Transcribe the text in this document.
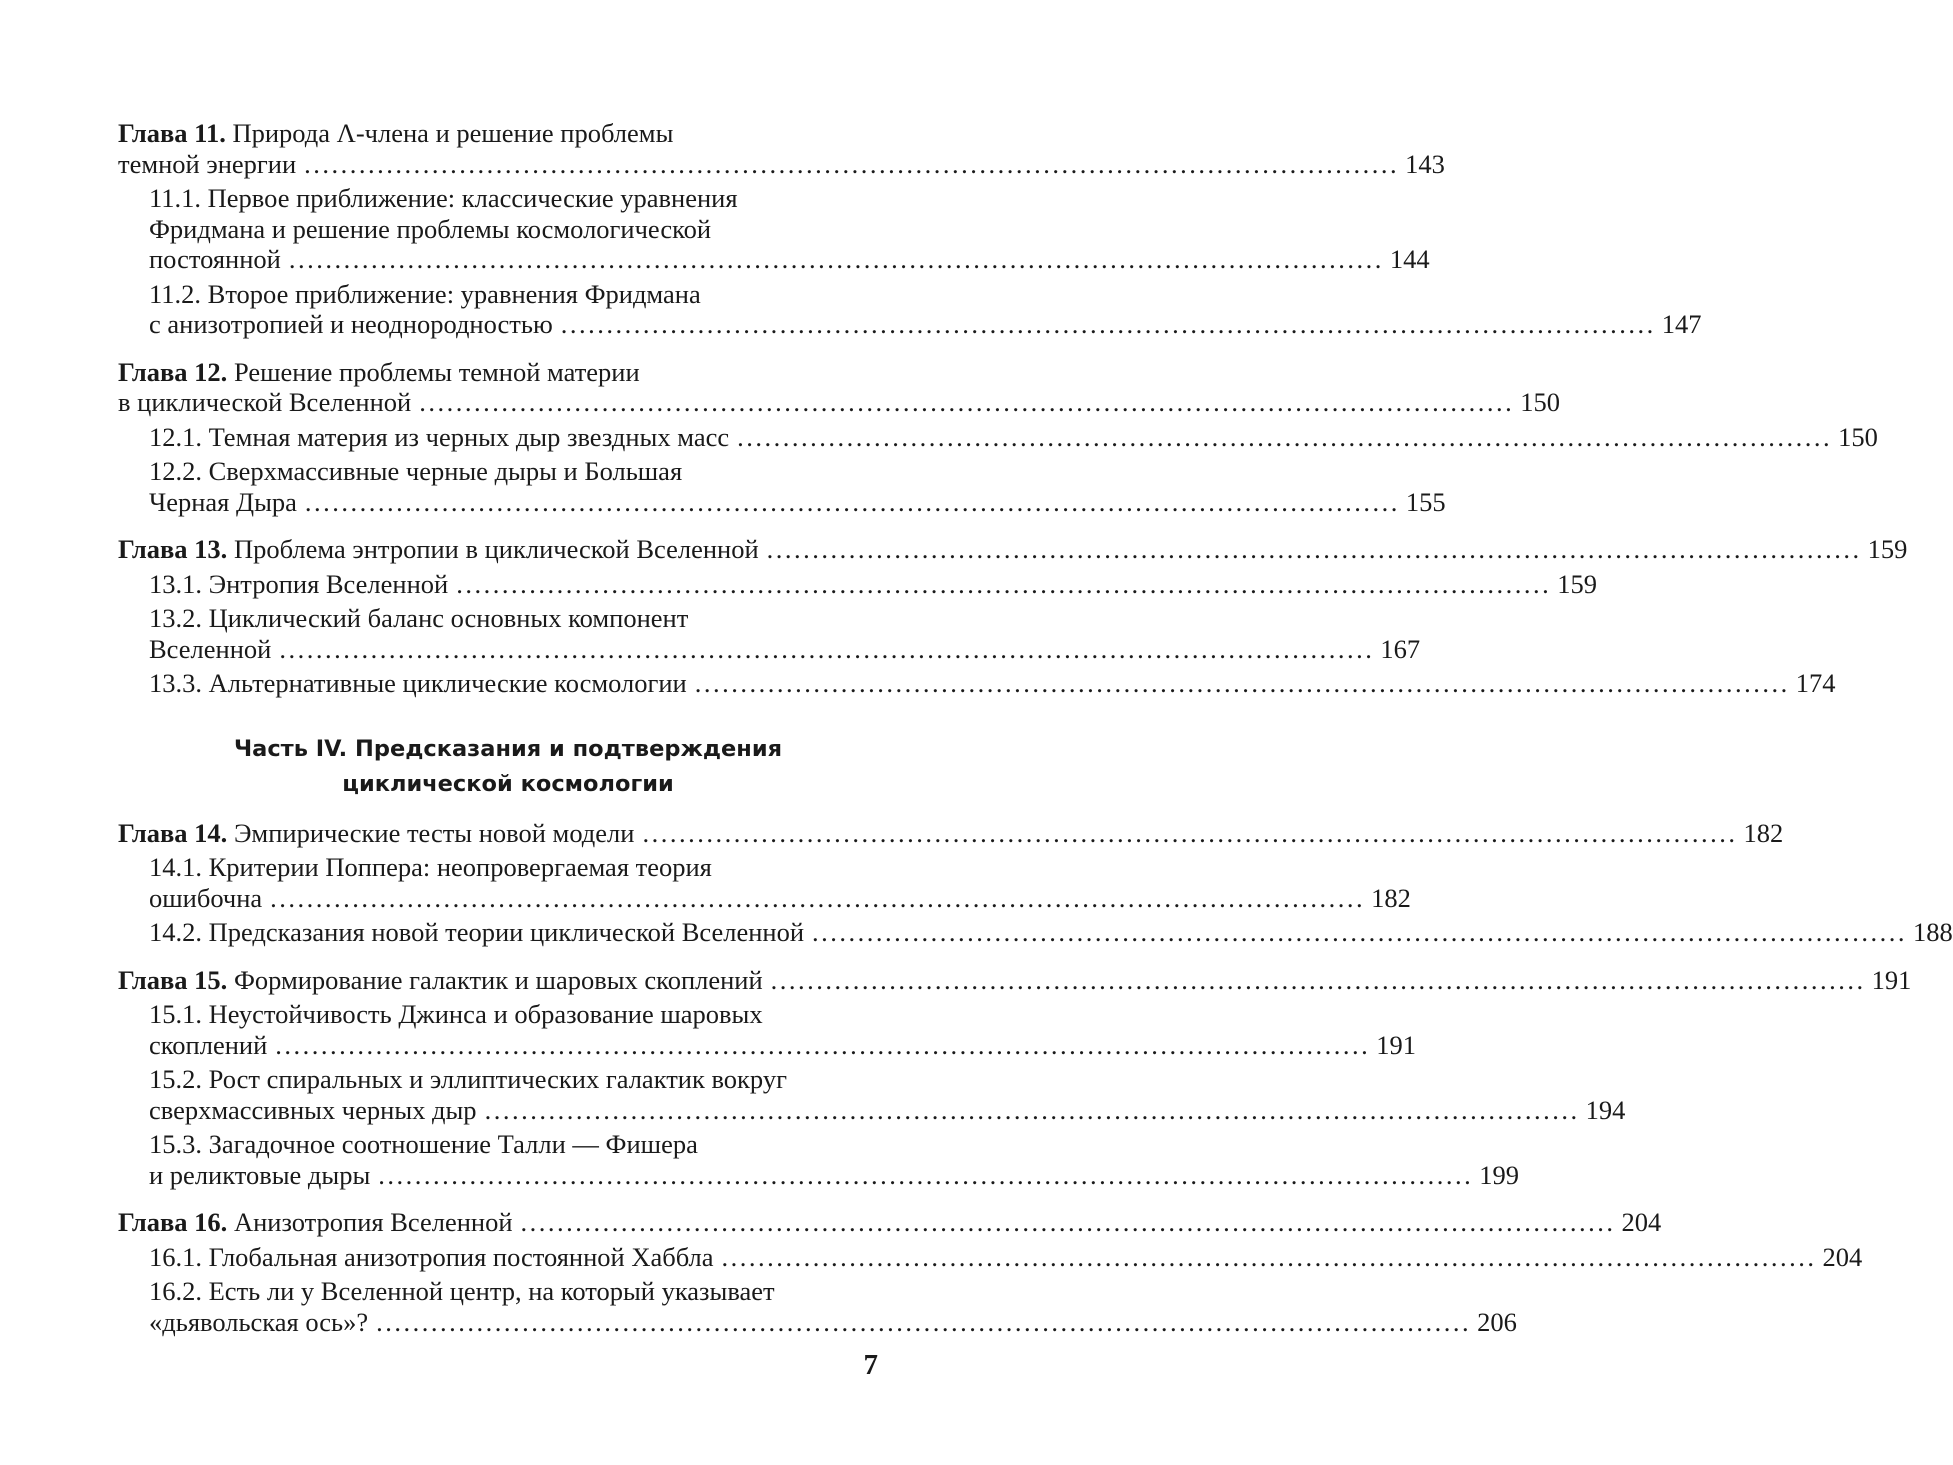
Глава 11. Природа Λ-члена и решение проблемы
темной энергии ........................................................................................................................ 143
11.1. Первое приближение: классические уравнения
Фридмана и решение проблемы космологической
постоянной ........................................................................................................................ 144
11.2. Второе приближение: уравнения Фридмана
с анизотропией и неоднородностью ........................................................................................................................ 147
Глава 12. Решение проблемы темной материи
в циклической Вселенной ........................................................................................................................ 150
12.1. Темная материя из черных дыр звездных масс ........................................................................................................................ 150
12.2. Сверхмассивные черные дыры и Большая
Черная Дыра ........................................................................................................................ 155
Глава 13. Проблема энтропии в циклической Вселенной ........................................................................................................................ 159
13.1. Энтропия Вселенной ........................................................................................................................ 159
13.2. Циклический баланс основных компонент
Вселенной ........................................................................................................................ 167
13.3. Альтернативные циклические космологии ........................................................................................................................ 174
Часть IV. Предсказания и подтверждения
циклической космологии
Глава 14. Эмпирические тесты новой модели ........................................................................................................................ 182
14.1. Критерии Поппера: неопровергаемая теория
ошибочна ........................................................................................................................ 182
14.2. Предсказания новой теории циклической Вселенной ........................................................................................................................ 188
Глава 15. Формирование галактик и шаровых скоплений ........................................................................................................................ 191
15.1. Неустойчивость Джинса и образование шаровых
скоплений ........................................................................................................................ 191
15.2. Рост спиральных и эллиптических галактик вокруг
сверхмассивных черных дыр ........................................................................................................................ 194
15.3. Загадочное соотношение Талли — Фишера
и реликтовые дыры ........................................................................................................................ 199
Глава 16. Анизотропия Вселенной ........................................................................................................................ 204
16.1. Глобальная анизотропия постоянной Хаббла ........................................................................................................................ 204
16.2. Есть ли у Вселенной центр, на который указывает
«дьявольская ось»? ........................................................................................................................ 206
7
